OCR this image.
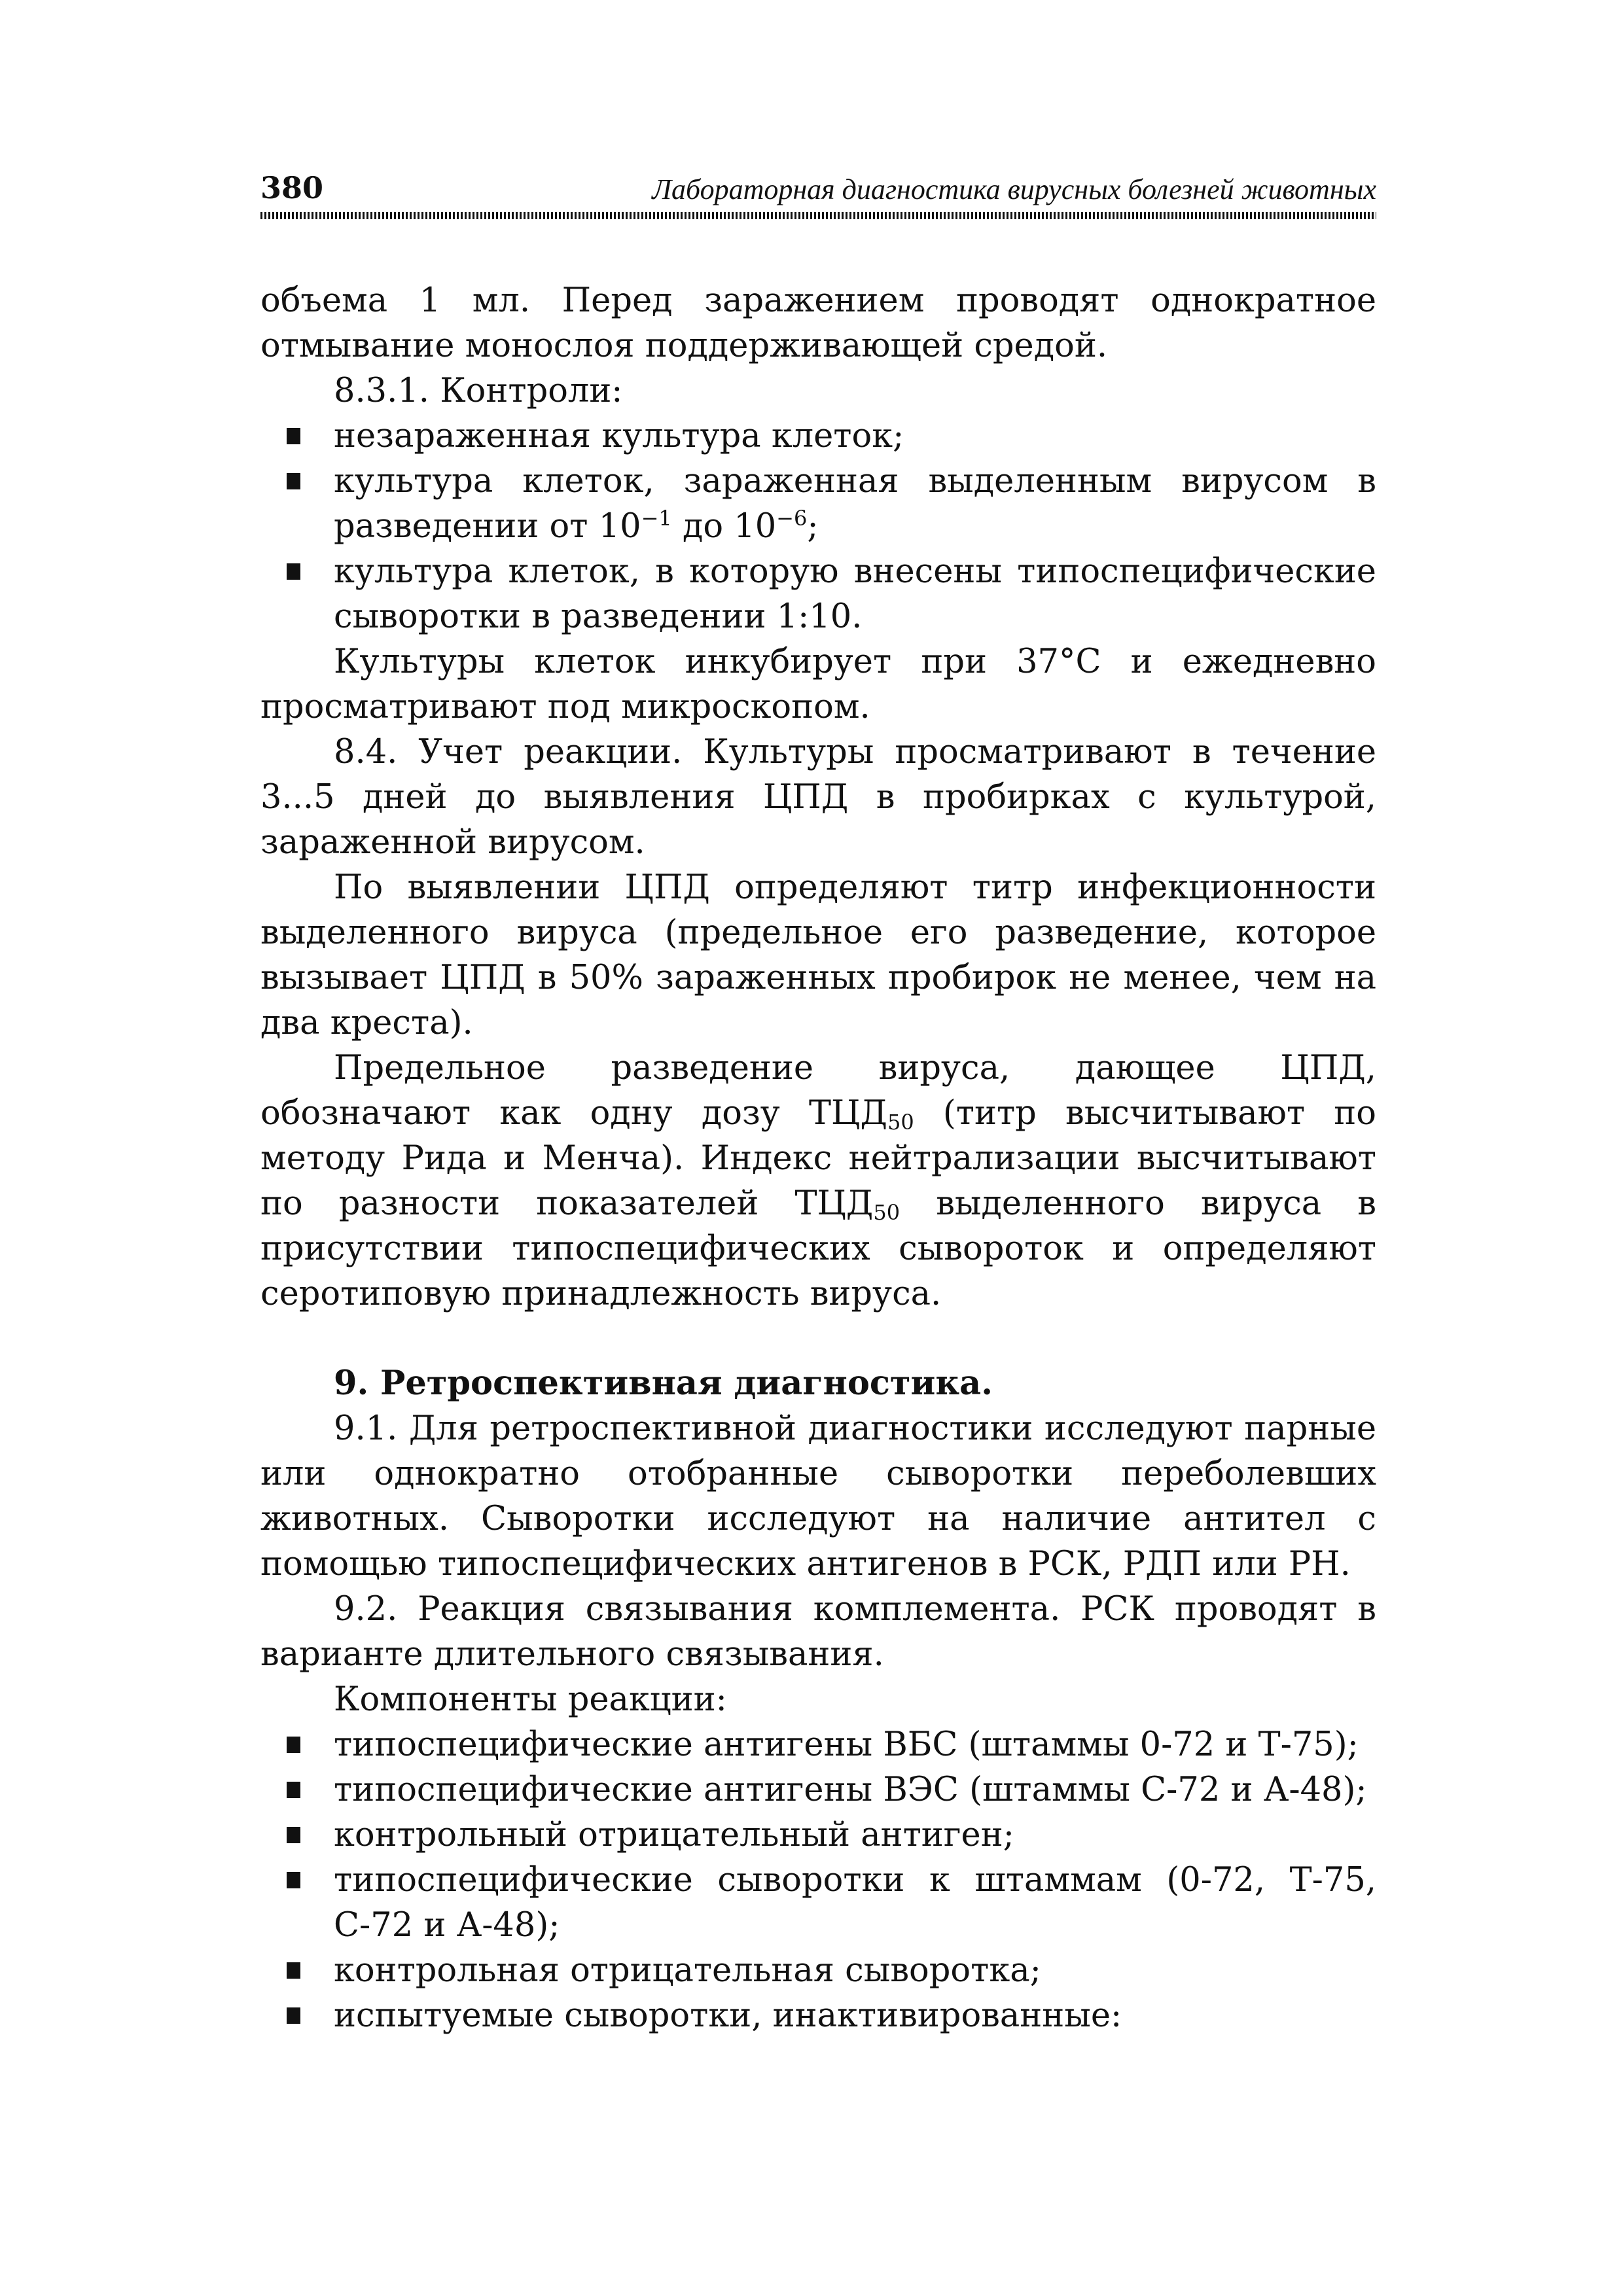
380	Лабораторная диагностика вирусных болезней животных

объема 1 мл. Перед заражением проводят однократное отмывание монослоя поддерживающей средой.

8.3.1. Контроли:

незараженная культура клеток;

культура клеток, зараженная выделенным вирусом в разведении от $10^{-1}$ до $10^{-6}$;

культура клеток, в которую внесены типоспецифические сыворотки в разведении 1:10.

Культуры клеток инкубирует при 37°С и ежедневно просматривают под микроскопом.

8.4. Учет реакции. Культуры просматривают в течение 3...5 дней до выявления ЦПД в пробирках с культурой, зараженной вирусом.

По выявлении ЦПД определяют титр инфекционности выделенного вируса (предельное его разведение, которое вызывает ЦПД в 50% зараженных пробирок не менее, чем на два креста).

Предельное разведение вируса, дающее ЦПД, обозначают как одну дозу $ТЦД_{50}$ (титр высчитывают по методу Рида и Менча). Индекс нейтрализации высчитывают по разности показателей $ТЦД_{50}$ выделенного вируса в присутствии типоспецифических сывороток и определяют серотиповую принадлежность вируса.

9. Ретроспективная диагностика.

9.1. Для ретроспективной диагностики исследуют парные или однократно отобранные сыворотки переболевших животных. Сыворотки исследуют на наличие антител с помощью типоспецифических антигенов в РСК, РДП или РН.

9.2. Реакция связывания комплемента. РСК проводят в варианте длительного связывания.

Компоненты реакции:

типоспецифические антигены ВБС (штаммы 0-72 и Т-75);

типоспецифические антигены ВЭС (штаммы С-72 и А-48);

контрольный отрицательный антиген;

типоспецифические сыворотки к штаммам (0-72, Т-75, С-72 и А-48);

контрольная отрицательная сыворотка;

испытуемые сыворотки, инактивированные:
